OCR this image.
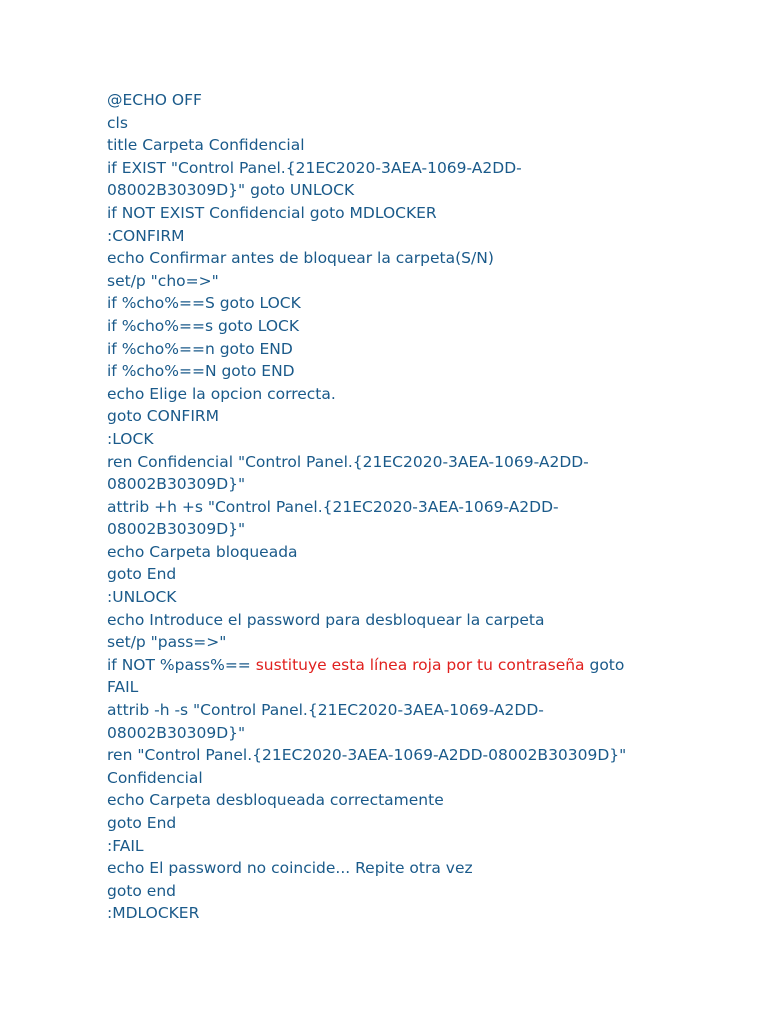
@ECHO OFF
cls
title Carpeta Confidencial
if EXIST "Control Panel.{21EC2020-3AEA-1069-A2DD-
08002B30309D}" goto UNLOCK
if NOT EXIST Confidencial goto MDLOCKER
:CONFIRM
echo Confirmar antes de bloquear la carpeta(S/N)
set/p "cho=>"
if %cho%==S goto LOCK
if %cho%==s goto LOCK
if %cho%==n goto END
if %cho%==N goto END
echo Elige la opcion correcta.
goto CONFIRM
:LOCK
ren Confidencial "Control Panel.{21EC2020-3AEA-1069-A2DD-
08002B30309D}"
attrib +h +s "Control Panel.{21EC2020-3AEA-1069-A2DD-
08002B30309D}"
echo Carpeta bloqueada
goto End
:UNLOCK
echo Introduce el password para desbloquear la carpeta
set/p "pass=>"
if NOT %pass%== sustituye esta línea roja por tu contraseña goto
FAIL
attrib -h -s "Control Panel.{21EC2020-3AEA-1069-A2DD-
08002B30309D}"
ren "Control Panel.{21EC2020-3AEA-1069-A2DD-08002B30309D}"
Confidencial
echo Carpeta desbloqueada correctamente
goto End
:FAIL
echo El password no coincide... Repite otra vez
goto end
:MDLOCKER
